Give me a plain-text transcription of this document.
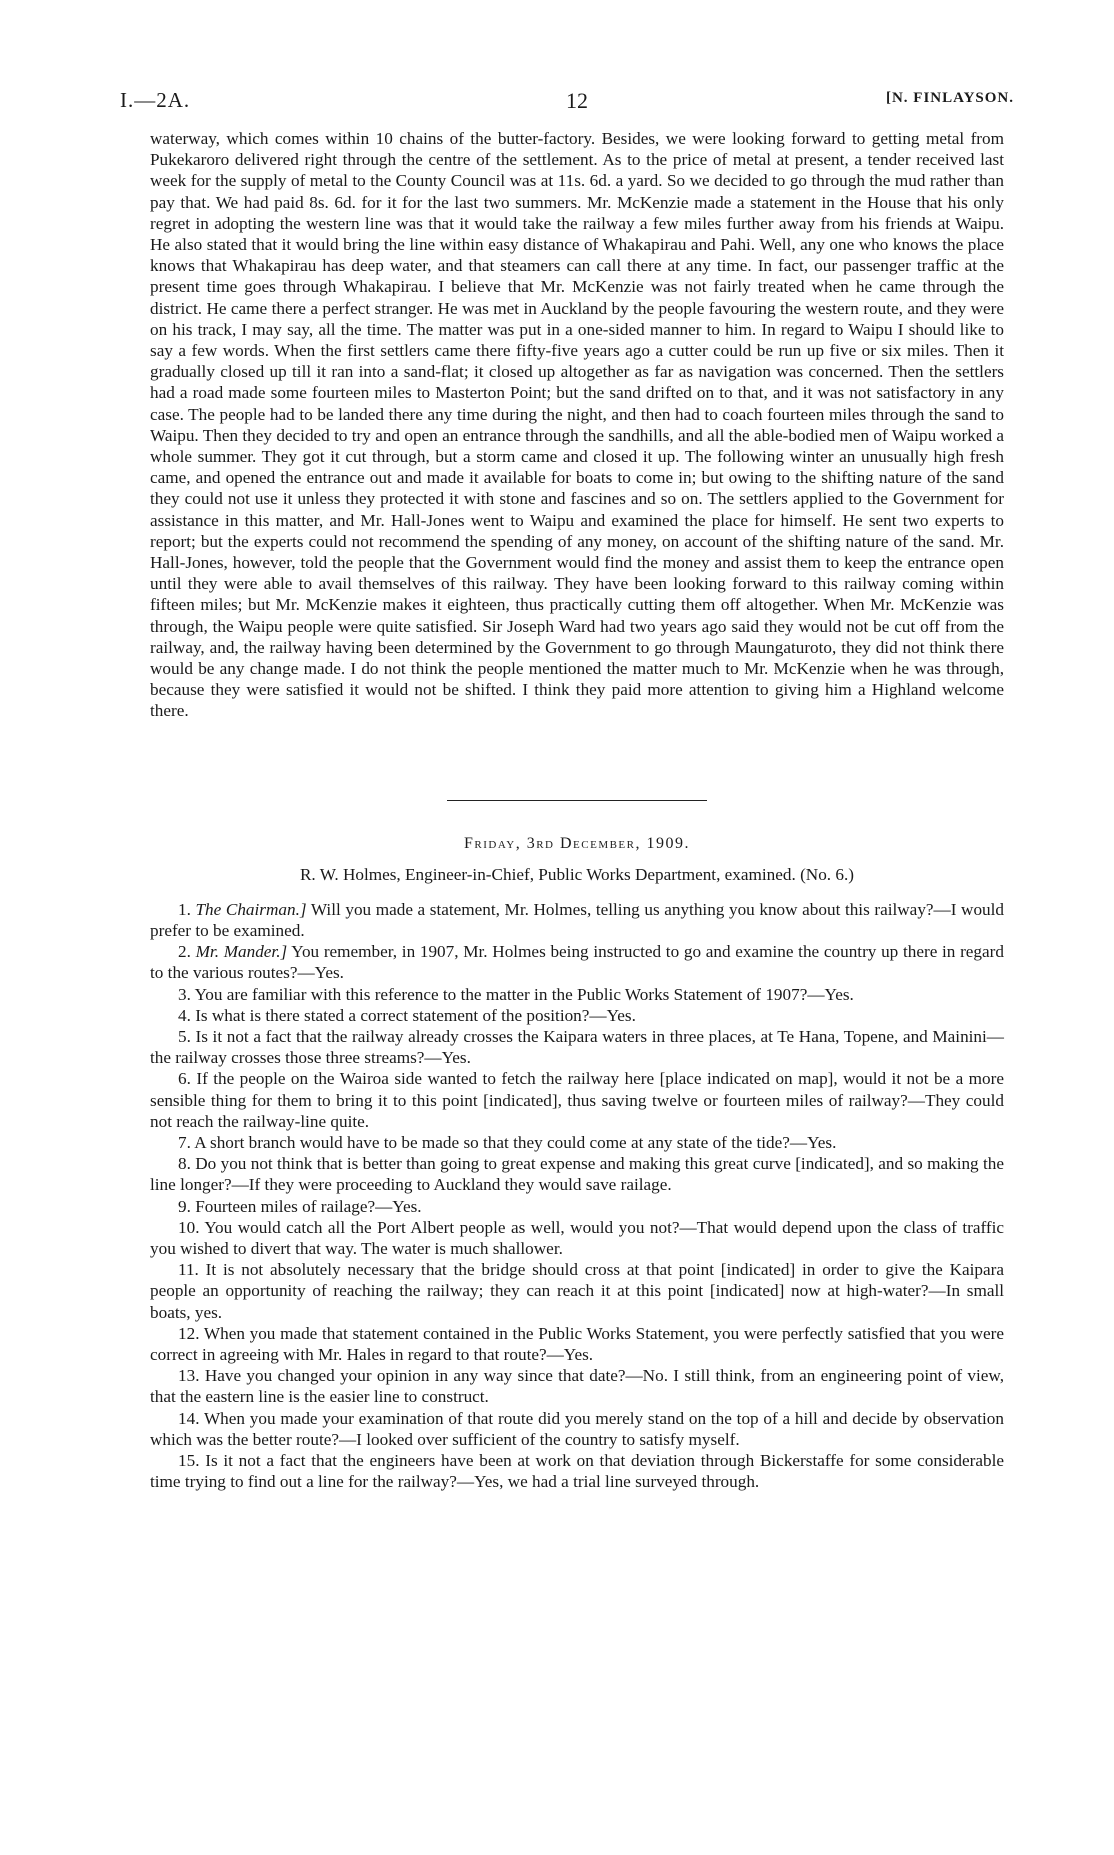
I.—2A.	12	[N. FINLAYSON.

waterway, which comes within 10 chains of the butter-factory. Besides, we were looking forward to getting metal from Pukekaroro delivered right through the centre of the settlement. As to the price of metal at present, a tender received last week for the supply of metal to the County Council was at 11s. 6d. a yard. So we decided to go through the mud rather than pay that. We had paid 8s. 6d. for it for the last two summers. Mr. McKenzie made a statement in the House that his only regret in adopting the western line was that it would take the railway a few miles further away from his friends at Waipu. He also stated that it would bring the line within easy distance of Whakapirau and Pahi. Well, any one who knows the place knows that Whakapirau has deep water, and that steamers can call there at any time. In fact, our passenger traffic at the present time goes through Whakapirau. I believe that Mr. McKenzie was not fairly treated when he came through the district. He came there a perfect stranger. He was met in Auckland by the people favouring the western route, and they were on his track, I may say, all the time. The matter was put in a one-sided manner to him. In regard to Waipu I should like to say a few words. When the first settlers came there fifty-five years ago a cutter could be run up five or six miles. Then it gradually closed up till it ran into a sand-flat; it closed up altogether as far as navigation was concerned. Then the settlers had a road made some fourteen miles to Masterton Point; but the sand drifted on to that, and it was not satisfactory in any case. The people had to be landed there any time during the night, and then had to coach fourteen miles through the sand to Waipu. Then they decided to try and open an entrance through the sandhills, and all the able-bodied men of Waipu worked a whole summer. They got it cut through, but a storm came and closed it up. The following winter an unusually high fresh came, and opened the entrance out and made it available for boats to come in; but owing to the shifting nature of the sand they could not use it unless they protected it with stone and fascines and so on. The settlers applied to the Government for assistance in this matter, and Mr. Hall-Jones went to Waipu and examined the place for himself. He sent two experts to report; but the experts could not recommend the spending of any money, on account of the shifting nature of the sand. Mr. Hall-Jones, however, told the people that the Government would find the money and assist them to keep the entrance open until they were able to avail themselves of this railway. They have been looking forward to this railway coming within fifteen miles; but Mr. McKenzie makes it eighteen, thus practically cutting them off altogether. When Mr. McKenzie was through, the Waipu people were quite satisfied. Sir Joseph Ward had two years ago said they would not be cut off from the railway, and, the railway having been determined by the Government to go through Maungaturoto, they did not think there would be any change made. I do not think the people mentioned the matter much to Mr. McKenzie when he was through, because they were satisfied it would not be shifted. I think they paid more attention to giving him a Highland welcome there.

Friday, 3rd December, 1909.

R. W. Holmes, Engineer-in-Chief, Public Works Department, examined. (No. 6.)

1. The Chairman.] Will you made a statement, Mr. Holmes, telling us anything you know about this railway?—I would prefer to be examined.

2. Mr. Mander.] You remember, in 1907, Mr. Holmes being instructed to go and examine the country up there in regard to the various routes?—Yes.

3. You are familiar with this reference to the matter in the Public Works Statement of 1907?—Yes.

4. Is what is there stated a correct statement of the position?—Yes.

5. Is it not a fact that the railway already crosses the Kaipara waters in three places, at Te Hana, Topene, and Mainini—the railway crosses those three streams?—Yes.

6. If the people on the Wairoa side wanted to fetch the railway here [place indicated on map], would it not be a more sensible thing for them to bring it to this point [indicated], thus saving twelve or fourteen miles of railway?—They could not reach the railway-line quite.

7. A short branch would have to be made so that they could come at any state of the tide?—Yes.

8. Do you not think that is better than going to great expense and making this great curve [indicated], and so making the line longer?—If they were proceeding to Auckland they would save railage.

9. Fourteen miles of railage?—Yes.

10. You would catch all the Port Albert people as well, would you not?—That would depend upon the class of traffic you wished to divert that way. The water is much shallower.

11. It is not absolutely necessary that the bridge should cross at that point [indicated] in order to give the Kaipara people an opportunity of reaching the railway; they can reach it at this point [indicated] now at high-water?—In small boats, yes.

12. When you made that statement contained in the Public Works Statement, you were perfectly satisfied that you were correct in agreeing with Mr. Hales in regard to that route?—Yes.

13. Have you changed your opinion in any way since that date?—No. I still think, from an engineering point of view, that the eastern line is the easier line to construct.

14. When you made your examination of that route did you merely stand on the top of a hill and decide by observation which was the better route?—I looked over sufficient of the country to satisfy myself.

15. Is it not a fact that the engineers have been at work on that deviation through Bickerstaffe for some considerable time trying to find out a line for the railway?—Yes, we had a trial line surveyed through.
